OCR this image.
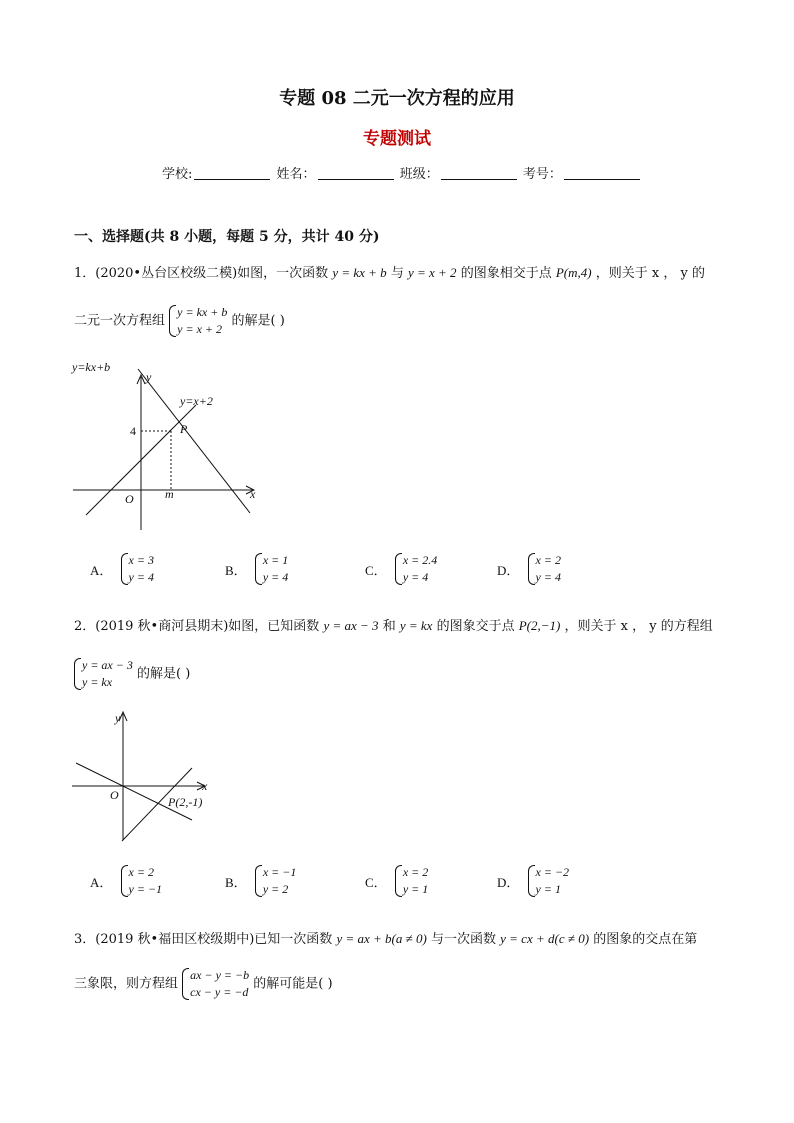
专题 08 二元一次方程的应用
专题测试
学校:	姓名：	班级：	考号：
一、选择题(共 8 小题，每题 5 分，共计 40 分)
1．(2020•丛台区校级二模)如图，一次函数 y = kx + b 与 y = x + 2 的图象相交于点 P(m,4) ，则关于 x ， y 的
二元一次方程组
y = kx + b
y = x + 2
的解是( )
y=kx+b
y=x+2
y
x
O
P
4
m
A．
x = 3
y = 4	B．
x = 1
y = 4	C．
x = 2.4
y = 4	D．
x = 2
y = 4
2．(2019 秋•商河县期末)如图，已知函数 y = ax − 3 和 y = kx 的图象交于点 P(2,−1) ，则关于 x ， y 的方程组
y = ax − 3
y = kx
的解是( )
y
x
O	P(2,-1)
A．
x = 2
y = −1	B．
x = −1
y = 2	C．
x = 2
y = 1	D．
x = −2
y = 1
3．(2019 秋•福田区校级期中)已知一次函数 y = ax + b(a ≠ 0) 与一次函数 y = cx + d(c ≠ 0) 的图象的交点在第
三象限，则方程组
ax − y = −b
cx − y = −d
的解可能是( )
